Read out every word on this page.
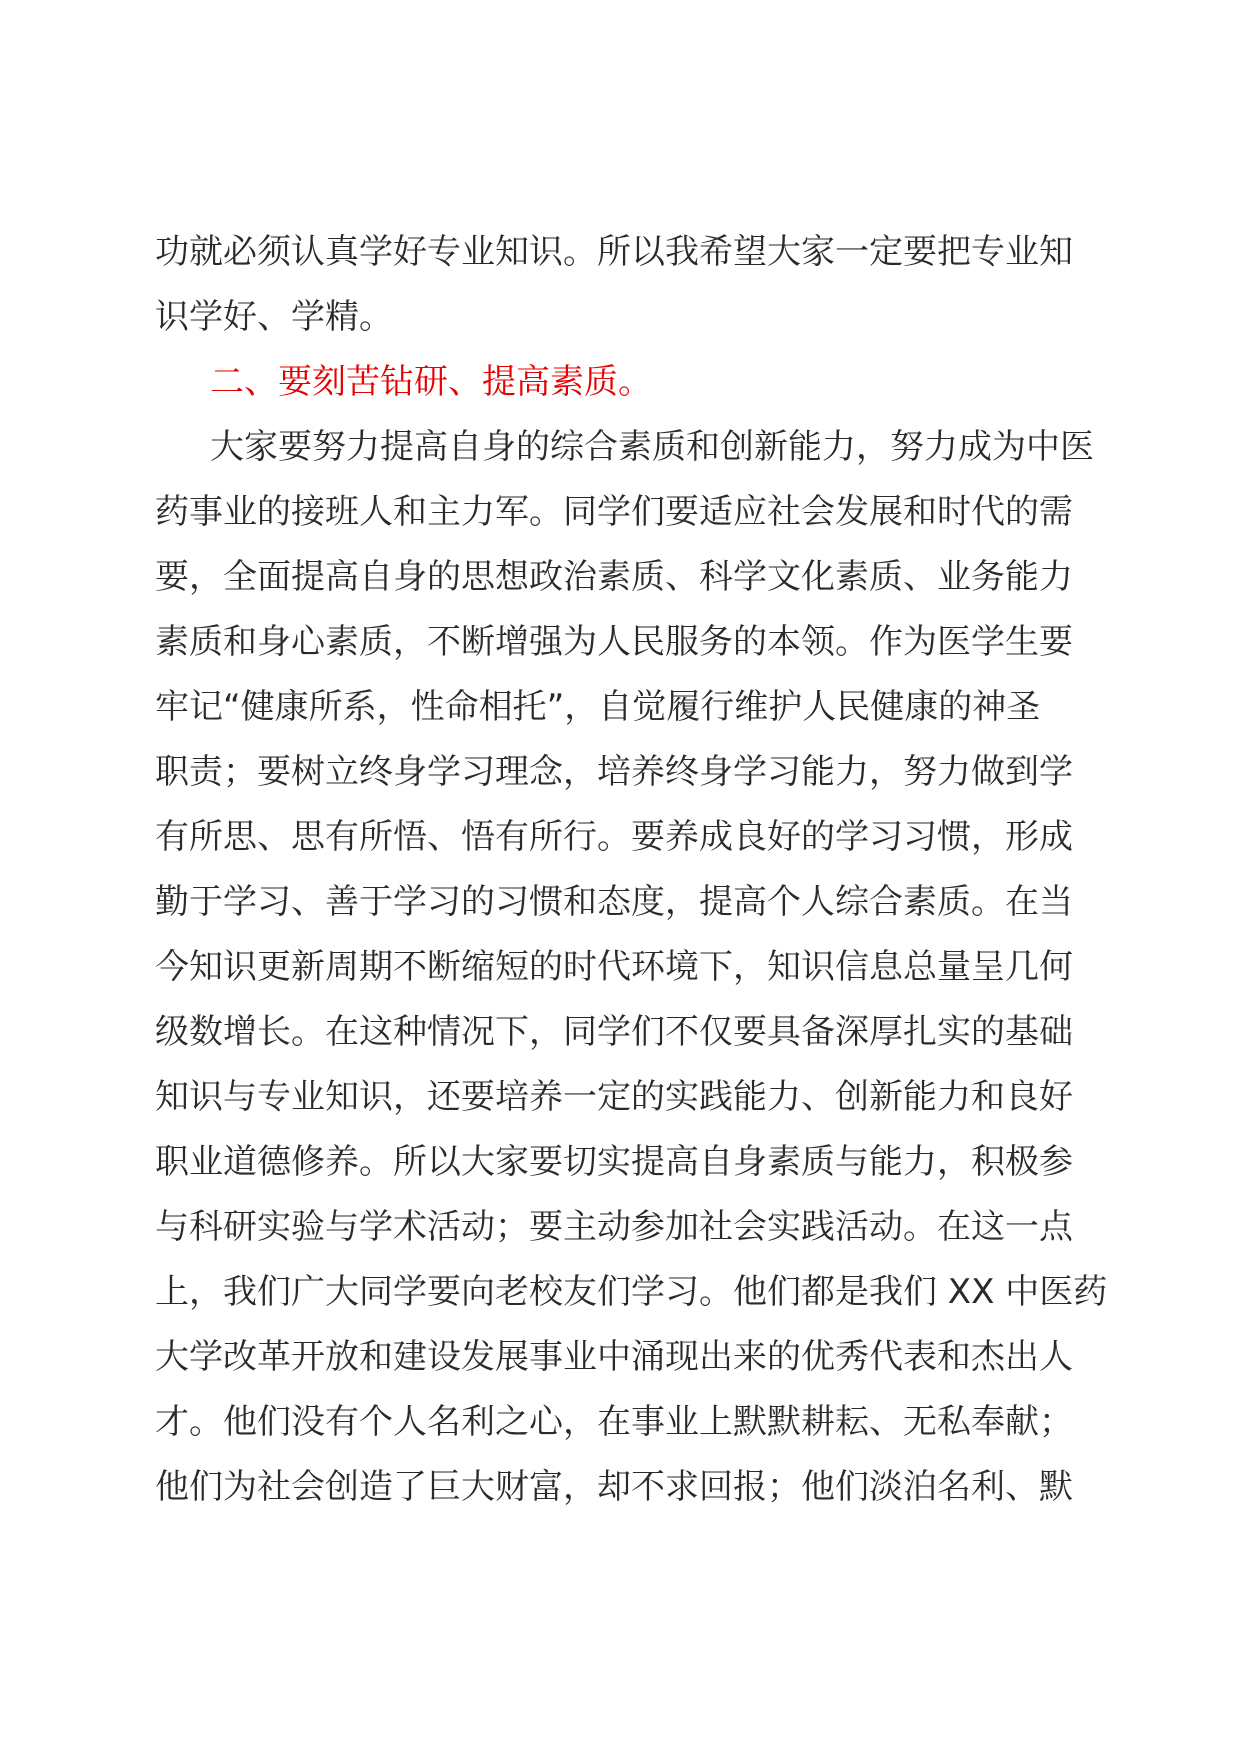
功就必须认真学好专业知识。所以我希望大家一定要把专业知
识学好、学精。
二、要刻苦钻研、提高素质。
大家要努力提高自身的综合素质和创新能力，努力成为中医
药事业的接班人和主力军。同学们要适应社会发展和时代的需
要，全面提高自身的思想政治素质、科学文化素质、业务能力
素质和身心素质，不断增强为人民服务的本领。作为医学生要
牢记“健康所系，性命相托”，自觉履行维护人民健康的神圣
职责；要树立终身学习理念，培养终身学习能力，努力做到学
有所思、思有所悟、悟有所行。要养成良好的学习习惯，形成
勤于学习、善于学习的习惯和态度，提高个人综合素质。在当
今知识更新周期不断缩短的时代环境下，知识信息总量呈几何
级数增长。在这种情况下，同学们不仅要具备深厚扎实的基础
知识与专业知识，还要培养一定的实践能力、创新能力和良好
职业道德修养。所以大家要切实提高自身素质与能力，积极参
与科研实验与学术活动；要主动参加社会实践活动。在这一点
上，我们广大同学要向老校友们学习。他们都是我们 XX 中医药
大学改革开放和建设发展事业中涌现出来的优秀代表和杰出人
才。他们没有个人名利之心，在事业上默默耕耘、无私奉献；
他们为社会创造了巨大财富，却不求回报；他们淡泊名利、默
